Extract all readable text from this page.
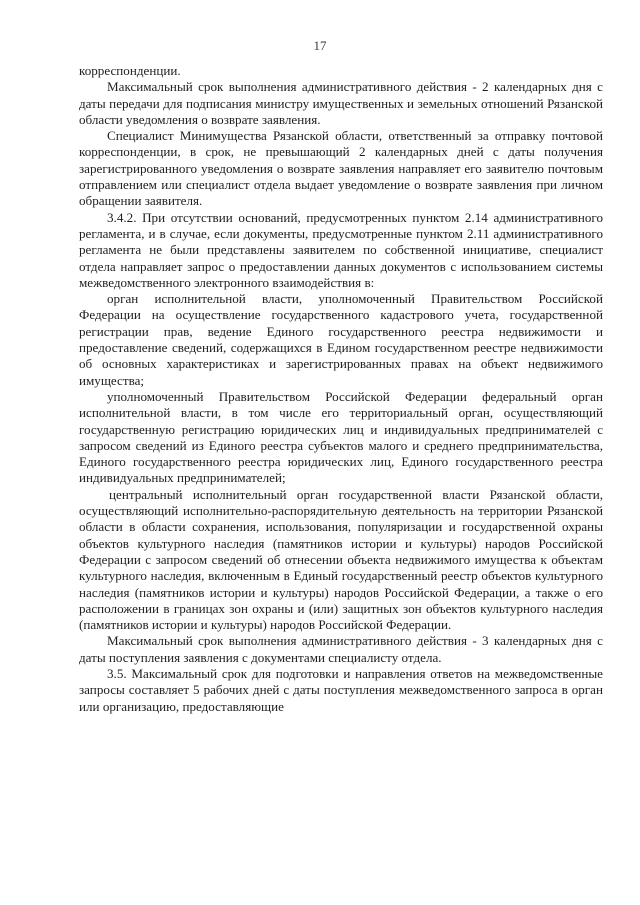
17

корреспонденции.

Максимальный срок выполнения административного действия - 2 календарных дня с даты передачи для подписания министру имущественных и земельных отношений Рязанской области уведомления о возврате заявления.

Специалист Минимущества Рязанской области, ответственный за отправку почтовой корреспонденции, в срок, не превышающий 2 календарных дней с даты получения зарегистрированного уведомления о возврате заявления направляет его заявителю почтовым отправлением или специалист отдела выдает уведомление о возврате заявления при личном обращении заявителя.

3.4.2. При отсутствии оснований, предусмотренных пунктом 2.14 административного регламента, и в случае, если документы, предусмотренные пунктом 2.11 административного регламента не были представлены заявителем по собственной инициативе, специалист отдела направляет запрос о предоставлении данных документов с использованием системы межведомственного электронного взаимодействия в:

орган исполнительной власти, уполномоченный Правительством Российской Федерации на осуществление государственного кадастрового учета, государственной регистрации прав, ведение Единого государственного реестра недвижимости и предоставление сведений, содержащихся в Едином государственном реестре недвижимости об основных характеристиках и зарегистрированных правах на объект недвижимого имущества;

уполномоченный Правительством Российской Федерации федеральный орган исполнительной власти, в том числе его территориальный орган, осуществляющий государственную регистрацию юридических лиц и индивидуальных предпринимателей с запросом сведений из Единого реестра субъектов малого и среднего предпринимательства, Единого государственного реестра юридических лиц, Единого государственного реестра индивидуальных предпринимателей;

центральный исполнительный орган государственной власти Рязанской области, осуществляющий исполнительно-распорядительную деятельность на территории Рязанской области в области сохранения, использования, популяризации и государственной охраны объектов культурного наследия (памятников истории и культуры) народов Российской Федерации с запросом сведений об отнесении объекта недвижимого имущества к объектам культурного наследия, включенным в Единый государственный реестр объектов культурного наследия (памятников истории и культуры) народов Российской Федерации, а также о его расположении в границах зон охраны и (или) защитных зон объектов культурного наследия (памятников истории и культуры) народов Российской Федерации.

Максимальный срок выполнения административного действия - 3 календарных дня с даты поступления заявления с документами специалисту отдела.

3.5. Максимальный срок для подготовки и направления ответов на межведомственные запросы составляет 5 рабочих дней с даты поступления межведомственного запроса в орган или организацию, предоставляющие
